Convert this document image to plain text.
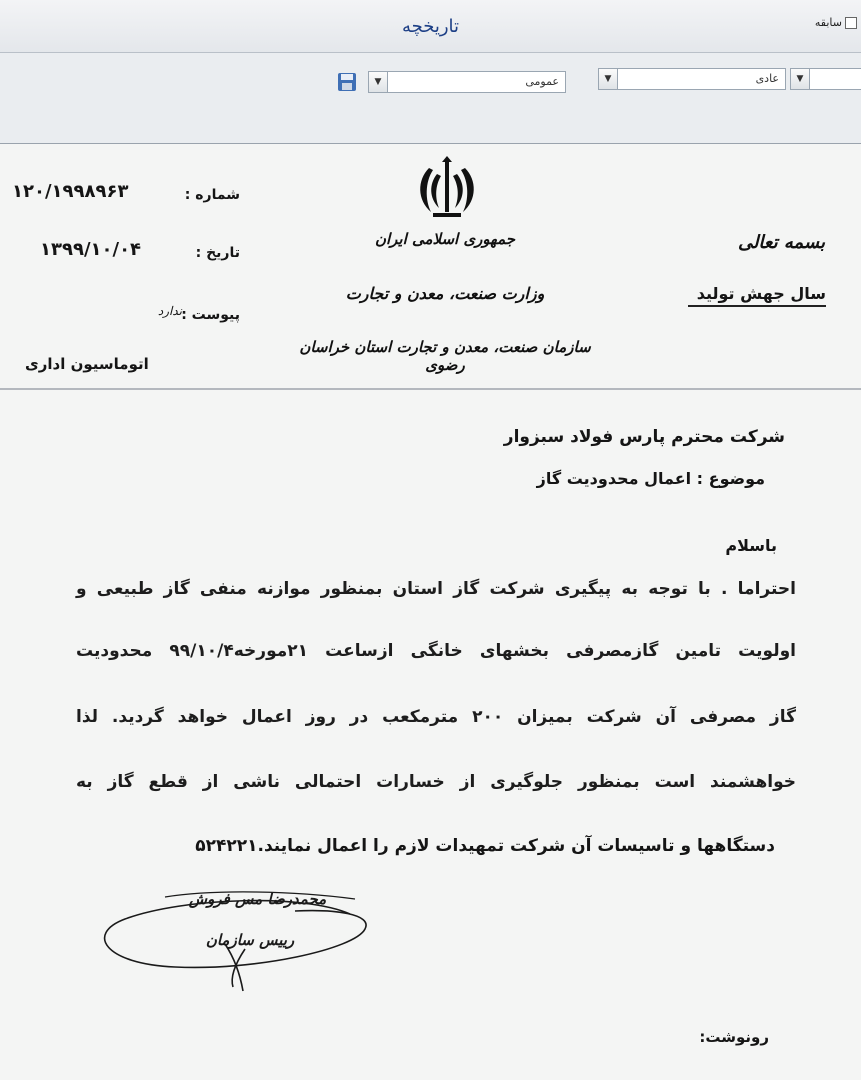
سابقه
تاریخچه
▼
عادی
▼
عمومی
▼
جمهوری اسلامی ایران
وزارت صنعت، معدن و تجارت
سازمان صنعت، معدن و تجارت استان خراسان رضوی
بسمه تعالی
سال جهش تولید
شماره :
۱۲۰/۱۹۹۸۹۶۳
تاریخ :
۱۳۹۹/۱۰/۰۴
پیوست :
ندارد
اتوماسیون اداری
شرکت محترم پارس فولاد سبزوار
موضوع : اعمال محدودیت گاز
باسلام
احتراما . با توجه به پیگیری شرکت گاز استان بمنظور موازنه منفی گاز طبیعی و
اولویت تامین گازمصرفی بخشهای خانگی ازساعت ۲۱مورخه۹۹/۱۰/۴ محدودیت
گاز مصرفی آن شرکت بمیزان ۲۰۰ مترمکعب در روز اعمال خواهد گردید. لذا
خواهشمند است بمنظور جلوگیری از خسارات احتمالی ناشی از قطع گاز به
دستگاهها و تاسیسات آن شرکت تمهیدات لازم را اعمال نمایند.۵۲۴۲۲۱
محمدرضا مس فروش
رییس سازمان
رونوشت:
